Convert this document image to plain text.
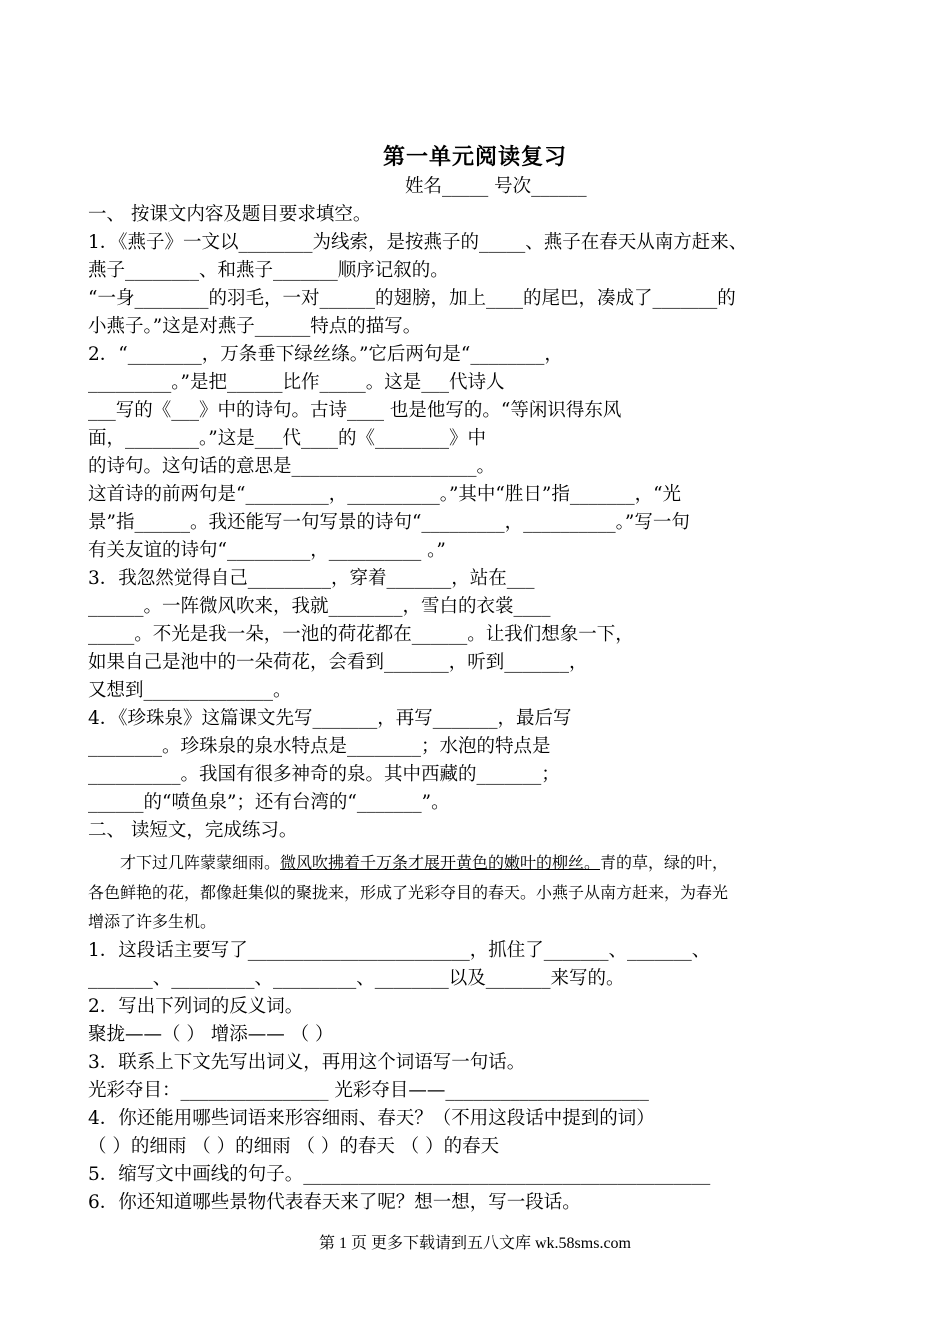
第一单元阅读复习
姓名_____ 号次______
一、 按课文内容及题目要求填空。
1．《燕子》一文以________为线索，是按燕子的_____、燕子在春天从南方赶来、
燕子________、和燕子_______顺序记叙的。
“一身________的羽毛，一对______的翅膀，加上____的尾巴，凑成了_______的
小燕子。”这是对燕子______特点的描写。
2．“________，万条垂下绿丝绦。”它后两句是“________，
_________。”是把______比作_____。这是___代诗人
___写的《___》中的诗句。古诗____ 也是他写的。“等闲识得东风
面，________。”这是___代____的《________》中
的诗句。这句话的意思是____________________。
这首诗的前两句是“_________，__________。”其中“胜日”指_______，“光
景”指______。我还能写一句写景的诗句“_________，__________。”写一句
有关友谊的诗句“_________，__________ 。”
3．我忽然觉得自己_________，穿着_______，站在___
______。一阵微风吹来，我就________，雪白的衣裳____
_____。不光是我一朵，一池的荷花都在______。让我们想象一下，
如果自己是池中的一朵荷花，会看到_______，听到_______，
又想到______________。
4．《珍珠泉》这篇课文先写_______，再写_______，最后写
________。珍珠泉的泉水特点是________；水泡的特点是
__________。我国有很多神奇的泉。其中西藏的_______；
______的“喷鱼泉”；还有台湾的“_______”。
二、 读短文，完成练习。
才下过几阵蒙蒙细雨。微风吹拂着千万条才展开黄色的嫩叶的柳丝。青的草，绿的叶，
各色鲜艳的花，都像赶集似的聚拢来，形成了光彩夺目的春天。小燕子从南方赶来，为春光
增添了许多生机。
1．这段话主要写了________________________，抓住了_______、_______、
_______、_________、_________、________以及_______来写的。
2．写出下列词的反义词。
聚拢——（ ） 增添—— （ ）
3．联系上下文先写出词义，再用这个词语写一句话。
光彩夺目：________________ 光彩夺目——______________________
4．你还能用哪些词语来形容细雨、春天？（不用这段话中提到的词）
（ ）的细雨 （ ）的细雨 （ ）的春天 （ ）的春天
5．缩写文中画线的句子。____________________________________________
6．你还知道哪些景物代表春天来了呢？想一想，写一段话。
第 1 页 更多下载请到五八文库 wk.58sms.com
